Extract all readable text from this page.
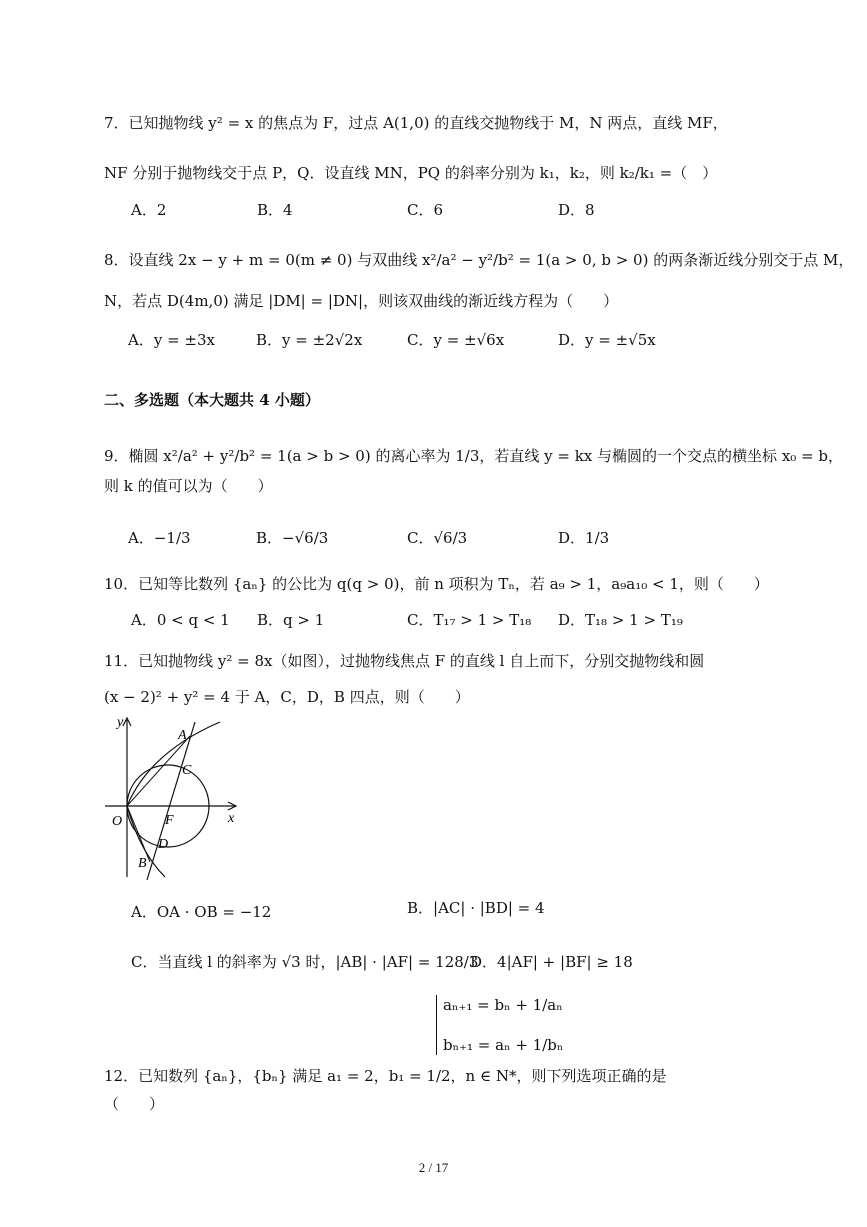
7．已知抛物线 y² = x 的焦点为 F，过点 A(1,0) 的直线交抛物线于 M，N 两点，直线 MF，
NF 分别于抛物线交于点 P，Q．设直线 MN，PQ 的斜率分别为 k₁，k₂，则 k₂/k₁ =（　）
A．2	B．4	C．6	D．8
8．设直线 2x − y + m = 0(m ≠ 0) 与双曲线 x²/a² − y²/b² = 1(a > 0, b > 0) 的两条渐近线分别交于点 M，
N，若点 D(4m,0) 满足 |DM| = |DN|，则该双曲线的渐近线方程为（　　）
A．y = ±3x	B．y = ±2√2x	C．y = ±√6x	D．y = ±√5x
二、多选题（本大题共 4 小题）
9．椭圆 x²/a² + y²/b² = 1(a > b > 0) 的离心率为 1/3，若直线 y = kx 与椭圆的一个交点的横坐标 x₀ = b，
则 k 的值可以为（　　）
A．−1/3	B．−√6/3	C．√6/3	D．1/3
10．已知等比数列 {aₙ} 的公比为 q(q > 0)，前 n 项积为 Tₙ，若 a₉ > 1，a₉a₁₀ < 1，则（　　）
A．0 < q < 1 B．q > 1	C．T₁₇ > 1 > T₁₈ D．T₁₈ > 1 > T₁₉
11．已知抛物线 y² = 8x（如图），过抛物线焦点 F 的直线 l 自上而下，分别交抛物线和圆
(x − 2)² + y² = 4 于 A，C，D，B 四点，则（　　）
y
A
C
O	F	x
D
B
A．OA · OB = −12	B．|AC| · |BD| = 4
C．当直线 l 的斜率为 √3 时，|AB| · |AF| = 128/3
D．4|AF| + |BF| ≥ 18
aₙ₊₁ = bₙ + 1/aₙ
bₙ₊₁ = aₙ + 1/bₙ
12．已知数列 {aₙ}，{bₙ} 满足 a₁ = 2，b₁ = 1/2，n ∈ N*，则下列选项正确的是
（　　）
2 / 17
